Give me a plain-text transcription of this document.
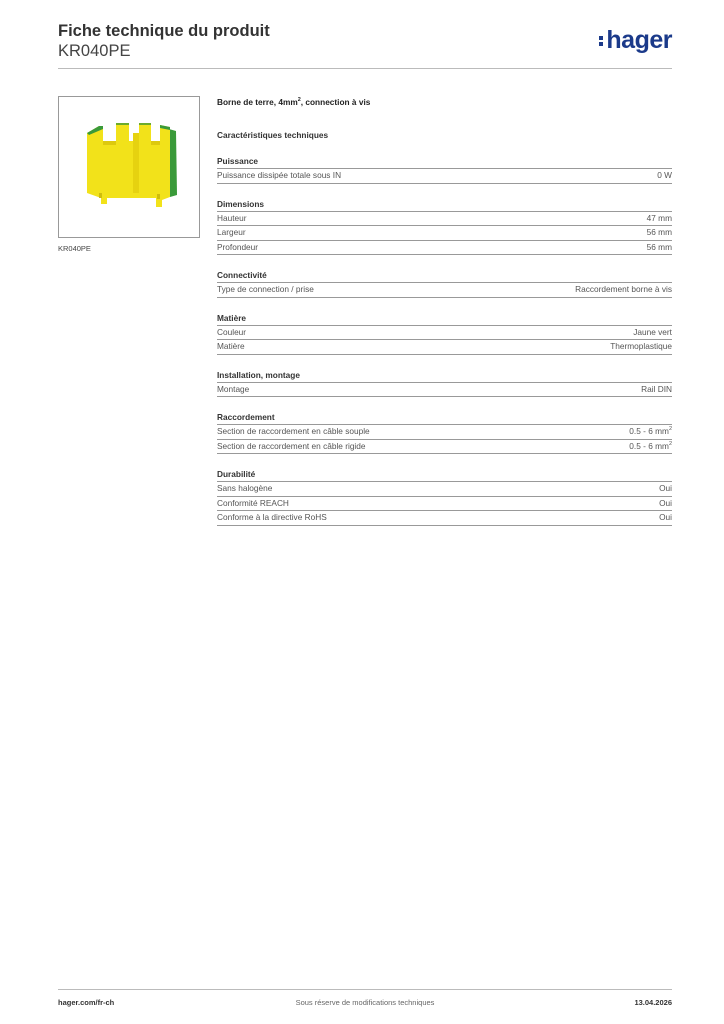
Fiche technique du produit
KR040PE	hager
KR040PE
Borne de terre, $4mm^2$, connection à vis
Caractéristiques techniques
Puissance
Puissance dissipée totale sous IN	0 W
Dimensions
Hauteur	47 mm
Largeur	56 mm
Profondeur	56 mm
Connectivité
Type de connection / prise	Raccordement borne à vis
Matière
Couleur	Jaune vert
Matière	Thermoplastique
Installation, montage
Montage	Rail DIN
Raccordement
Section de raccordement en câble souple	0.5 - 6 $mm^2$
Section de raccordement en câble rigide	0.5 - 6 $mm^2$
Durabilité
Sans halogène	Oui
Conformité REACH	Oui
Conforme à la directive RoHS	Oui
hager.com/fr-ch	Sous réserve de modifications techniques	13.04.2026
